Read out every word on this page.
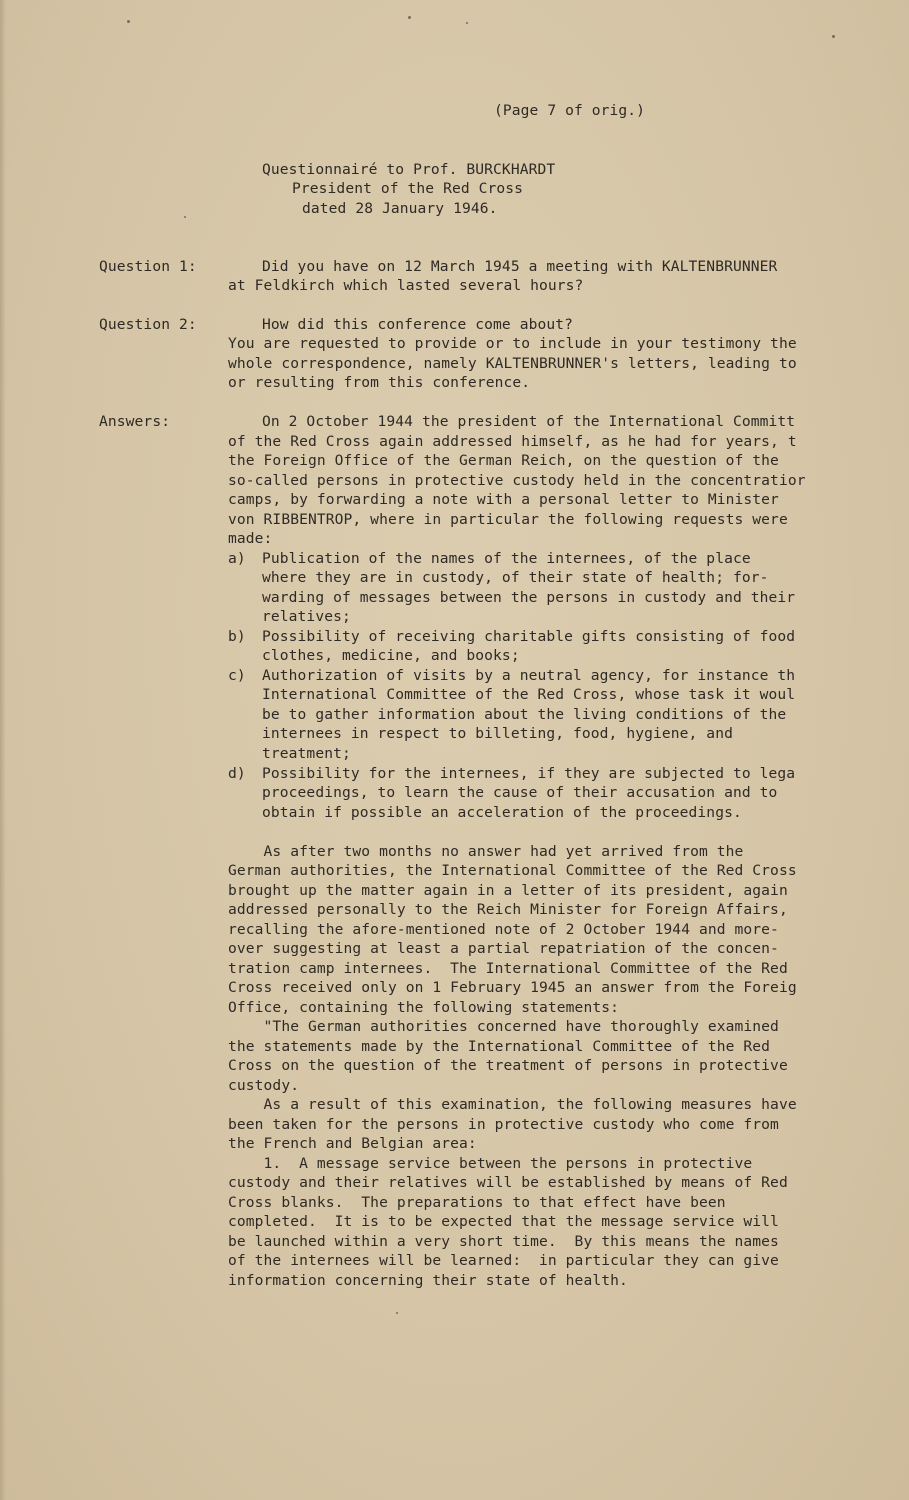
(Page 7 of orig.)
Questionnairé to Prof. BURCKHARDT
President of the Red Cross
dated 28 January 1946.
Question 1:	Did you have on 12 March 1945 a meeting with KALTENBRUNNER
at Feldkirch which lasted several hours?
Question 2:	How did this conference come about?
You are requested to provide or to include in your testimony the
whole correspondence, namely KALTENBRUNNER's letters, leading to
or resulting from this conference.
Answers:	On 2 October 1944 the president of the International Committ
of the Red Cross again addressed himself, as he had for years, t
the Foreign Office of the German Reich, on the question of the
so-called persons in protective custody held in the concentratior
camps, by forwarding a note with a personal letter to Minister
von RIBBENTROP, where in particular the following requests were
made:
a) Publication of the names of the internees, of the place
where they are in custody, of their state of health; for-
warding of messages between the persons in custody and their
relatives;
b) Possibility of receiving charitable gifts consisting of food
clothes, medicine, and books;
c) Authorization of visits by a neutral agency, for instance th
International Committee of the Red Cross, whose task it woul
be to gather information about the living conditions of the
internees in respect to billeting, food, hygiene, and
treatment;
d) Possibility for the internees, if they are subjected to lega
proceedings, to learn the cause of their accusation and to
obtain if possible an acceleration of the proceedings.
As after two months no answer had yet arrived from the
German authorities, the International Committee of the Red Cross
brought up the matter again in a letter of its president, again
addressed personally to the Reich Minister for Foreign Affairs,
recalling the afore-mentioned note of 2 October 1944 and more-
over suggesting at least a partial repatriation of the concen-
tration camp internees.  The International Committee of the Red
Cross received only on 1 February 1945 an answer from the Foreig
Office, containing the following statements:
"The German authorities concerned have thoroughly examined
the statements made by the International Committee of the Red
Cross on the question of the treatment of persons in protective
custody.
As a result of this examination, the following measures have
been taken for the persons in protective custody who come from
the French and Belgian area:
1.  A message service between the persons in protective
custody and their relatives will be established by means of Red
Cross blanks.  The preparations to that effect have been
completed.  It is to be expected that the message service will
be launched within a very short time.  By this means the names
of the internees will be learned:  in particular they can give
information concerning their state of health.
